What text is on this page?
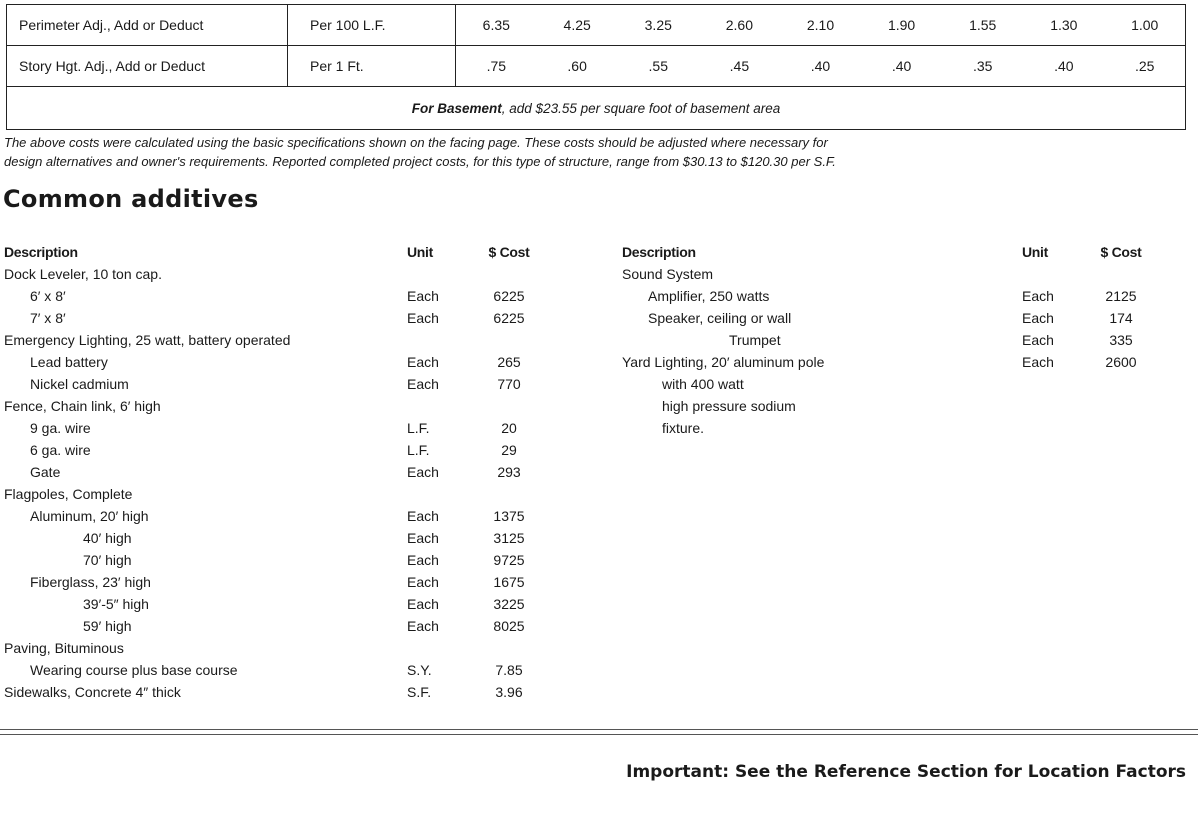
Perimeter Adj., Add or Deduct	Per 100 L.F.	6.35	4.25	3.25	2.60	2.10	1.90	1.55	1.30	1.00
Story Hgt. Adj., Add or Deduct	Per 1 Ft.	.75	.60	.55	.45	.40	.40	.35	.40	.25
For Basement, add $23.55 per square foot of basement area										
The above costs were calculated using the basic specifications shown on the facing page. These costs should be adjusted where necessary for
design alternatives and owner's requirements. Reported completed project costs, for this type of structure, range from $30.13 to $120.30 per S.F.
Common additives
Description	Unit	$ Cost
Dock Leveler, 10 ton cap.
6′ x 8′	Each	6225
7′ x 8′	Each	6225
Emergency Lighting, 25 watt, battery operated
Lead battery	Each	265
Nickel cadmium	Each	770
Fence, Chain link, 6′ high
9 ga. wire	L.F.	20
6 ga. wire	L.F.	29
Gate	Each	293
Flagpoles, Complete
Aluminum, 20′ high	Each	1375
40′ high	Each	3125
70′ high	Each	9725
Fiberglass, 23′ high	Each	1675
39′-5″ high	Each	3225
59′ high	Each	8025
Paving, Bituminous
Wearing course plus base course	S.Y.	7.85
Sidewalks, Concrete 4″ thick	S.F.	3.96
Description	Unit	$ Cost
Sound System
Amplifier, 250 watts	Each	2125
Speaker, ceiling or wall	Each	174
Trumpet	Each	335
Yard Lighting, 20′ aluminum pole	Each	2600
with 400 watt
high pressure sodium
fixture.
Important: See the Reference Section for Location Factors
